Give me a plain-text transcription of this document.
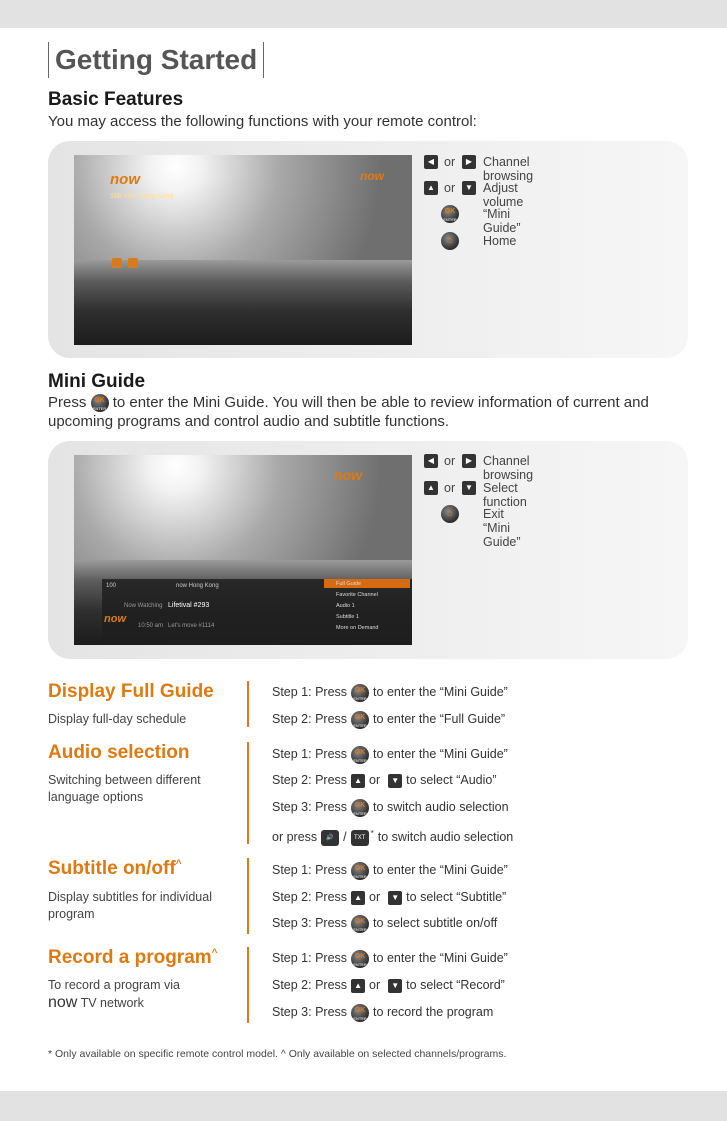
Getting Started
Basic Features
You may access the following functions with your remote control:
now
100 now Hong Kong
now
◀ or	▶ Channel browsing
▲ or	▼ Adjust volume
OK
ENTER “Mini Guide”
⌂	Home
Mini Guide
Press OK
ENTER to enter the Mini Guide. You will then be able to review information of current and upcoming programs and control audio and subtitle functions.
now
100	now Hong Kong
Now Watching Lifetival #293
now
10:50 am Let's move #1114
Full Guide
Favorite Channel
Audio 1
Subtitle 1
More on Demand
◀ or	▶ Channel browsing
▲ or	▼ Select function
⌂	Exit “Mini Guide”
Display Full Guide
Display full-day schedule
Step 1: Press OK
ENTER to enter the “Mini Guide”
Step 2: Press OK
ENTER to enter the “Full Guide”
Audio selection
Switching between different language options
Step 1: Press OK
ENTER to enter the “Mini Guide”
Step 2: Press ▲ or ▼ to select “Audio”
Step 3: Press OK
ENTER to switch audio selection
or press 🔊 / TXT * to switch audio selection
Subtitle on/off^
Display subtitles for individual program
Step 1: Press OK
ENTER to enter the “Mini Guide”
Step 2: Press ▲ or ▼ to select “Subtitle”
Step 3: Press OK
ENTER to select subtitle on/off
Record a program^
To record a program via
now TV network
Step 1: Press OK
ENTER to enter the “Mini Guide”
Step 2: Press ▲ or ▼ to select “Record”
Step 3: Press OK
ENTER to record the program
* Only available on specific remote control model. ^ Only available on selected channels/programs.
